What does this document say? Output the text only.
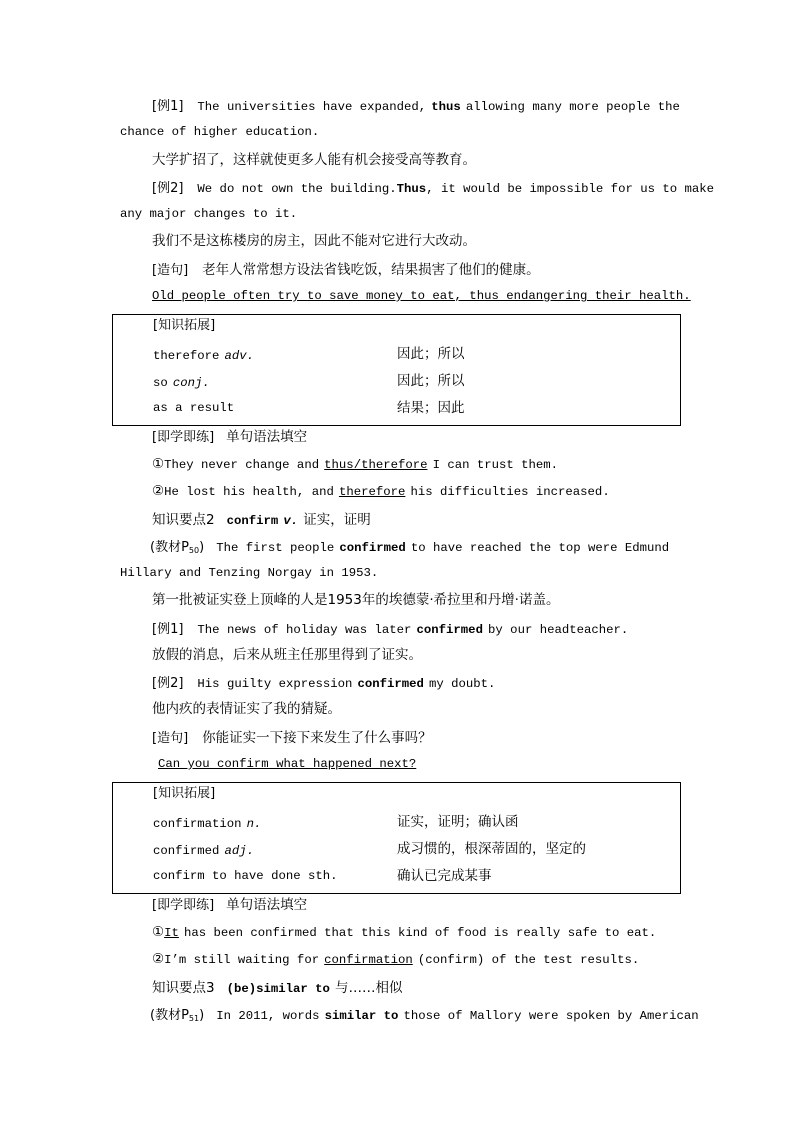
[例1] The universities have expanded, thus allowing many more people the
chance of higher education.
大学扩招了，这样就使更多人能有机会接受高等教育。
[例2] We do not own the building.Thus, it would be impossible for us to make
any major changes to it.
我们不是这栋楼房的房主，因此不能对它进行大改动。
[造句] 老年人常常想方设法省钱吃饭，结果损害了他们的健康。
Old people often try to save money to eat, thus endangering their health.
[知识拓展]
therefore adv.	因此；所以
so conj.	因此；所以
as a result	结果；因此
[即学即练] 单句语法填空
①They never change and thus/therefore I can trust them.
②He lost his health, and therefore his difficulties increased.
知识要点2 confirm v. 证实，证明
(教材$P_{50}$) The first people confirmed to have reached the top were Edmund
Hillary and Tenzing Norgay in 1953.
第一批被证实登上顶峰的人是1953年的埃德蒙·希拉里和丹增·诺盖。
[例1] The news of holiday was later confirmed by our headteacher.
放假的消息，后来从班主任那里得到了证实。
[例2] His guilty expression confirmed my doubt.
他内疚的表情证实了我的猜疑。
[造句] 你能证实一下接下来发生了什么事吗？
Can you confirm what happened next?
[知识拓展]
confirmation n.	证实，证明；确认函
confirmed adj.	成习惯的，根深蒂固的，坚定的
confirm to have done sth.	确认已完成某事
[即学即练] 单句语法填空
①It has been confirmed that this kind of food is really safe to eat.
②I’m still waiting for confirmation (confirm) of the test results.
知识要点3 (be)similar to 与……相似
(教材$P_{51}$) In 2011, words similar to those of Mallory were spoken by American
